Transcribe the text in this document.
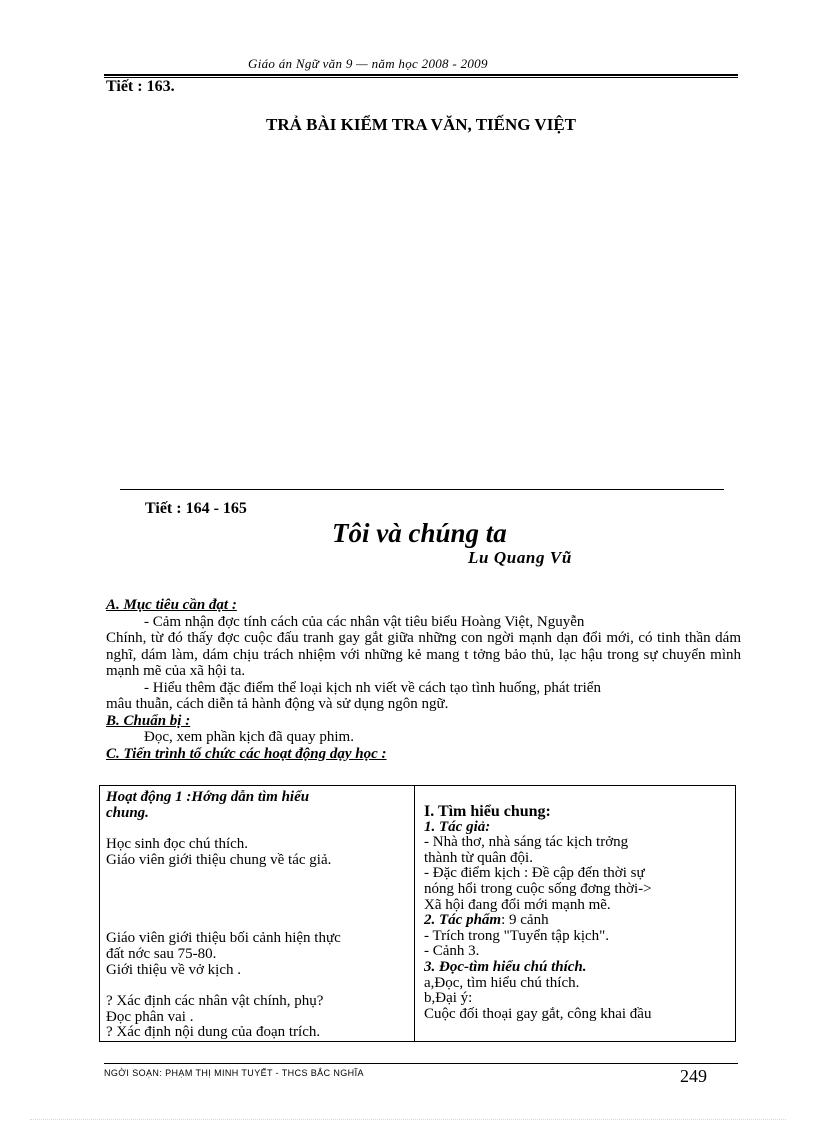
Giáo án Ngữ văn 9 — năm học 2008 - 2009
Tiết : 163.
TRẢ BÀI KIỂM TRA VĂN, TIẾNG VIỆT
Tiết : 164 - 165
Tôi và chúng ta
Lu Quang Vũ

A. Mục tiêu cần đạt :

- Cảm nhận đợc tính cách của các nhân vật tiêu biểu Hoàng Việt, Nguyễn

Chính, từ đó thấy đợc cuộc đấu tranh gay gắt giữa những con ngời mạnh dạn đổi mới, có tinh thần dám nghĩ, dám làm, dám chịu trách nhiệm với những kẻ mang t tởng bảo thủ, lạc hậu trong sự chuyển mình mạnh mẽ của xã hội ta.

- Hiểu thêm đặc điểm thể loại kịch nh viết về cách tạo tình huống, phát triển

mâu thuẫn, cách diễn tả hành động và sử dụng ngôn ngữ.

B. Chuẩn bị :

Đọc, xem phần kịch đã quay phim.

C. Tiến trình tổ chức các hoạt động dạy học :

Hoạt động 1 :Hớng dẫn tìm hiểu
chung.
Học sinh đọc chú thích.
Giáo viên giới thiệu chung về tác giả.
Giáo viên giới thiệu bối cảnh hiện thực
đất nớc sau 75-80.
Giới thiệu về vở kịch .
? Xác định các nhân vật chính, phụ?
Đọc phân vai .
? Xác định nội dung của đoạn trích.
I. Tìm hiểu chung:
1. Tác giả:
- Nhà thơ, nhà sáng tác kịch trởng
thành từ quân đội.
- Đặc điểm kịch : Đề cập đến thời sự
nóng hổi trong cuộc sống đơng thời->
Xã hội đang đổi mới mạnh mẽ.
2. Tác phẩm: 9 cảnh
- Trích trong "Tuyển tập kịch".
- Cảnh 3.
3. Đọc-tìm hiểu chú thích.
a,Đọc, tìm hiểu chú thích.
b,Đại ý:
Cuộc đối thoại gay gắt, công khai đầu
NGỜI SOẠN: PHẠM THỊ MINH TUYẾT - THCS BẮC NGHĨA	249
